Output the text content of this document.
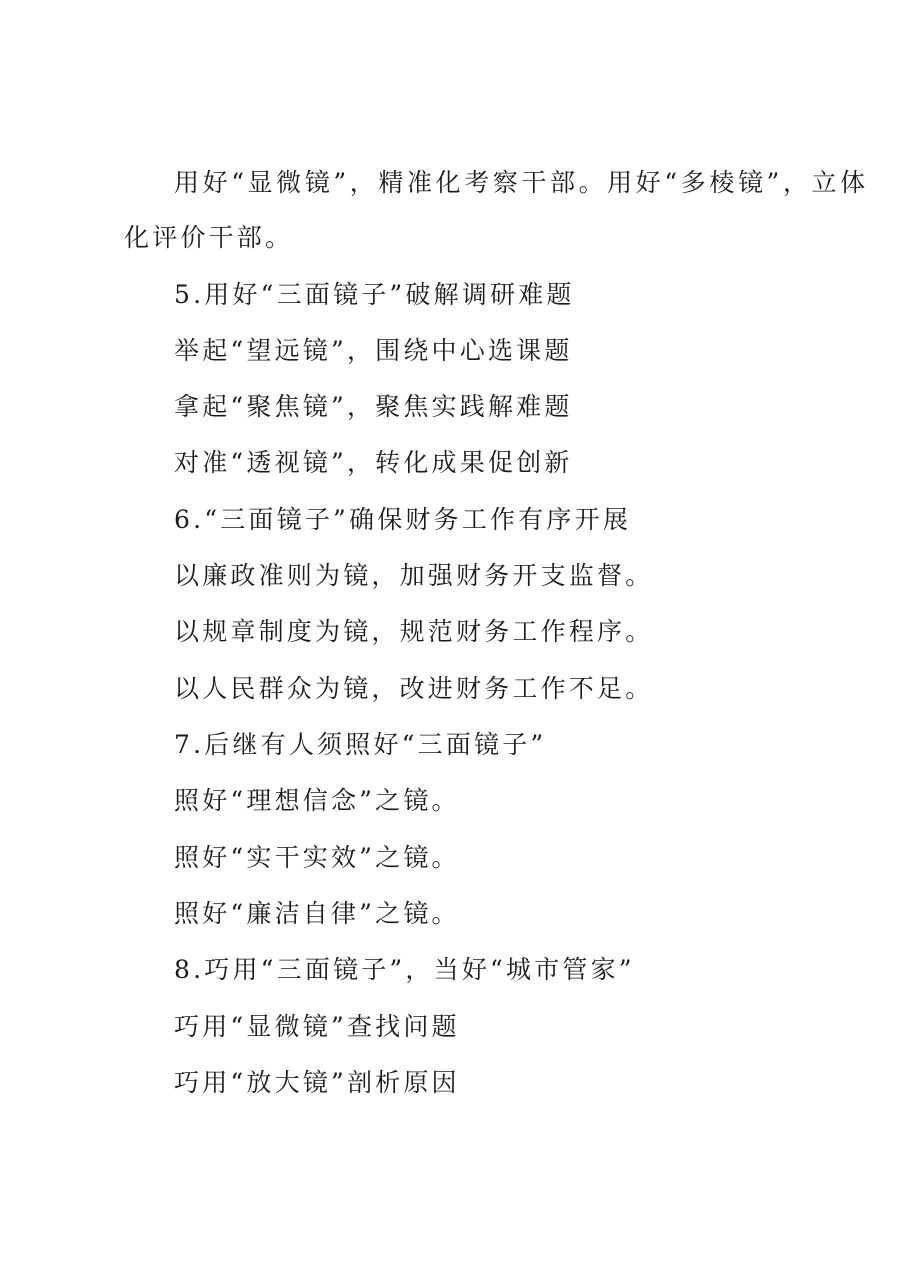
用好“显微镜”，精准化考察干部。用好“多棱镜”，立体
化评价干部。
5.用好“三面镜子”破解调研难题
举起“望远镜”，围绕中心选课题
拿起“聚焦镜”，聚焦实践解难题
对准“透视镜”，转化成果促创新
6.“三面镜子”确保财务工作有序开展
以廉政准则为镜，加强财务开支监督。
以规章制度为镜，规范财务工作程序。
以人民群众为镜，改进财务工作不足。
7.后继有人须照好“三面镜子”
照好“理想信念”之镜。
照好“实干实效”之镜。
照好“廉洁自律”之镜。
8.巧用“三面镜子”，当好“城市管家”
巧用“显微镜”查找问题
巧用“放大镜”剖析原因
